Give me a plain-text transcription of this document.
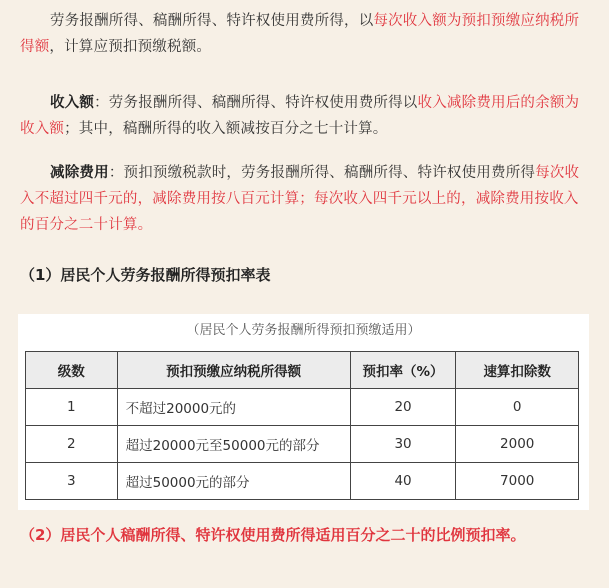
劳务报酬所得、稿酬所得、特许权使用费所得，以每次收入额为预扣预缴应纳税所得额，计算应预扣预缴税额。
收入额：劳务报酬所得、稿酬所得、特许权使用费所得以收入减除费用后的余额为收入额；其中，稿酬所得的收入额减按百分之七十计算。
减除费用：预扣预缴税款时，劳务报酬所得、稿酬所得、特许权使用费所得每次收入不超过四千元的，减除费用按八百元计算；每次收入四千元以上的，减除费用按收入的百分之二十计算。
（1）居民个人劳务报酬所得预扣率表
（居民个人劳务报酬所得预扣预缴适用）
级数	预扣预缴应纳税所得额	预扣率（%）	速算扣除数
1	不超过20000元的	20	0
2	超过20000元至50000元的部分	30	2000
3	超过50000元的部分	40	7000
（2）居民个人稿酬所得、特许权使用费所得适用百分之二十的比例预扣率。
